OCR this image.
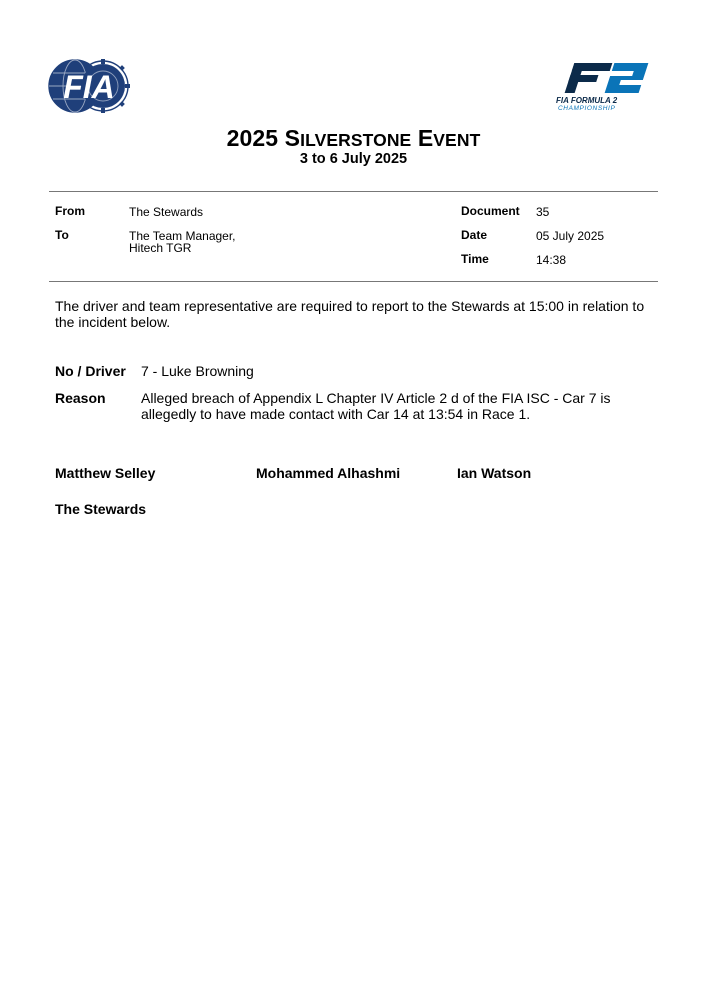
FIA	FIA FORMULA 2
CHAMPIONSHIP
2025 SILVERSTONE EVENT
3 to 6 July 2025
From	The Stewards
To	The Team Manager,
Hitech TGR
Document 35
Date	05 July 2025
Time	14:38
The driver and team representative are required to report to the Stewards at 15:00 in relation to the incident below.
No / Driver 7 - Luke Browning
Reason	Alleged breach of Appendix L Chapter IV Article 2 d of the FIA ISC - Car 7 is allegedly to have made contact with Car 14 at 13:54 in Race 1.
Matthew Selley	Mohammed Alhashmi	Ian Watson
The Stewards
